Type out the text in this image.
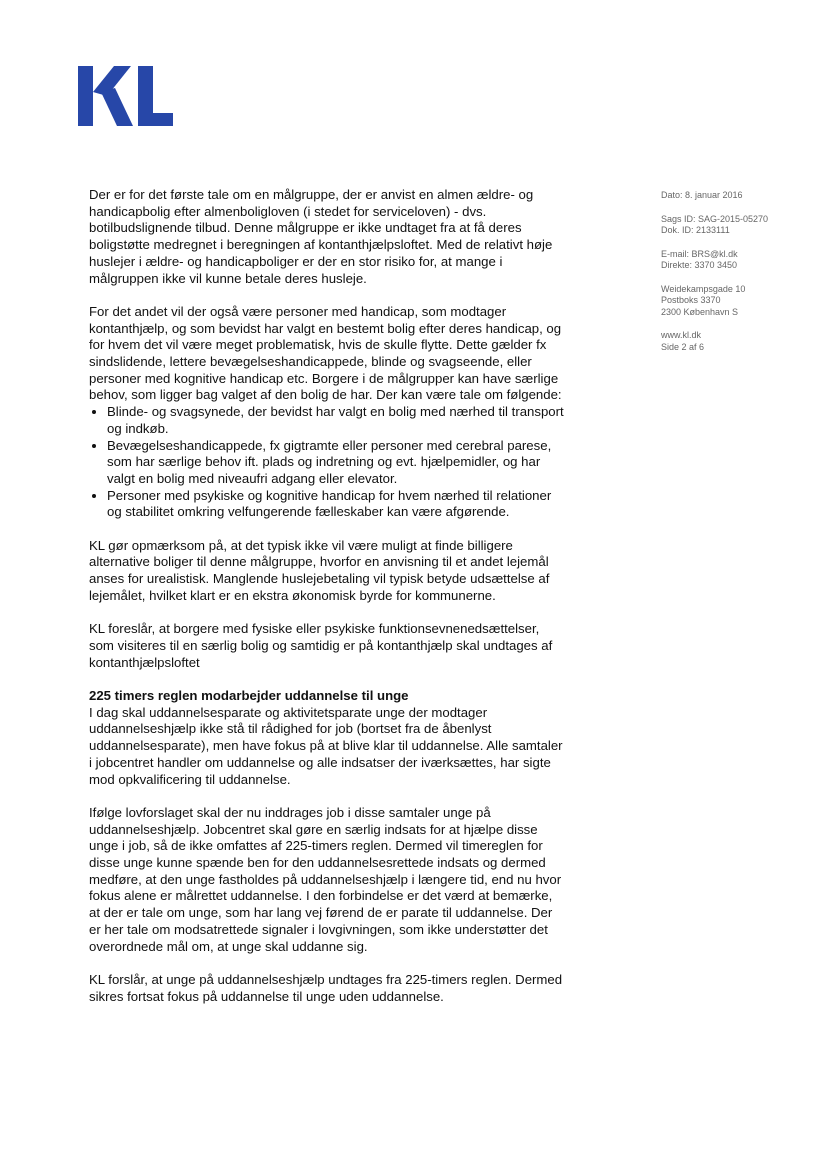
Dato: 8. januar 2016
Sags ID: SAG-2015-05270
Dok. ID: 2133111
E-mail: BRS@kl.dk
Direkte: 3370 3450
Weidekampsgade 10
Postboks 3370
2300 København S
www.kl.dk
Side 2 af 6

Der er for det første tale om en målgruppe, der er anvist en almen ældre- og handicapbolig efter almenboligloven (i stedet for serviceloven) - dvs. botilbudslignende tilbud. Denne målgruppe er ikke undtaget fra at få deres boligstøtte medregnet i beregningen af kontanthjælpsloftet. Med de relativt høje huslejer i ældre- og handicapboliger er der en stor risiko for, at mange i målgruppen ikke vil kunne betale deres husleje.

For det andet vil der også være personer med handicap, som modtager kontanthjælp, og som bevidst har valgt en bestemt bolig efter deres handicap, og for hvem det vil være meget problematisk, hvis de skulle flytte. Dette gælder fx sindslidende, lettere bevægelseshandicappede, blinde og svagseende, eller personer med kognitive handicap etc. Borgere i de målgrupper kan have særlige behov, som ligger bag valget af den bolig de har. Der kan være tale om følgende:

• Blinde- og svagsynede, der bevidst har valgt en bolig med nærhed til transport og indkøb.
• Bevægelseshandicappede, fx gigtramte eller personer med cerebral parese, som har særlige behov ift. plads og indretning og evt. hjælpemidler, og har valgt en bolig med niveaufri adgang eller elevator.
• Personer med psykiske og kognitive handicap for hvem nærhed til relationer og stabilitet omkring velfungerende fælleskaber kan være afgørende.

KL gør opmærksom på, at det typisk ikke vil være muligt at finde billigere alternative boliger til denne målgruppe, hvorfor en anvisning til et andet lejemål anses for urealistisk. Manglende huslejebetaling vil typisk betyde udsættelse af lejemålet, hvilket klart er en ekstra økonomisk byrde for kommunerne.

KL foreslår, at borgere med fysiske eller psykiske funktionsevnenedsættelser, som visiteres til en særlig bolig og samtidig er på kontanthjælp skal undtages af kontanthjælpsloftet

225 timers reglen modarbejder uddannelse til unge

I dag skal uddannelsesparate og aktivitetsparate unge der modtager uddannelseshjælp ikke stå til rådighed for job (bortset fra de åbenlyst uddannelsesparate), men have fokus på at blive klar til uddannelse. Alle samtaler i jobcentret handler om uddannelse og alle indsatser der iværksættes, har sigte mod opkvalificering til uddannelse.

Ifølge lovforslaget skal der nu inddrages job i disse samtaler unge på uddannelseshjælp. Jobcentret skal gøre en særlig indsats for at hjælpe disse unge i job, så de ikke omfattes af 225-timers reglen. Dermed vil timereglen for disse unge kunne spænde ben for den uddannelsesrettede indsats og dermed medføre, at den unge fastholdes på uddannelseshjælp i længere tid, end nu hvor fokus alene er målrettet uddannelse. I den forbindelse er det værd at bemærke, at der er tale om unge, som har lang vej førend de er parate til uddannelse. Der er her tale om modsatrettede signaler i lovgivningen, som ikke understøtter det overordnede mål om, at unge skal uddanne sig.

KL forslår, at unge på uddannelseshjælp undtages fra 225-timers reglen. Dermed sikres fortsat fokus på uddannelse til unge uden uddannelse.
